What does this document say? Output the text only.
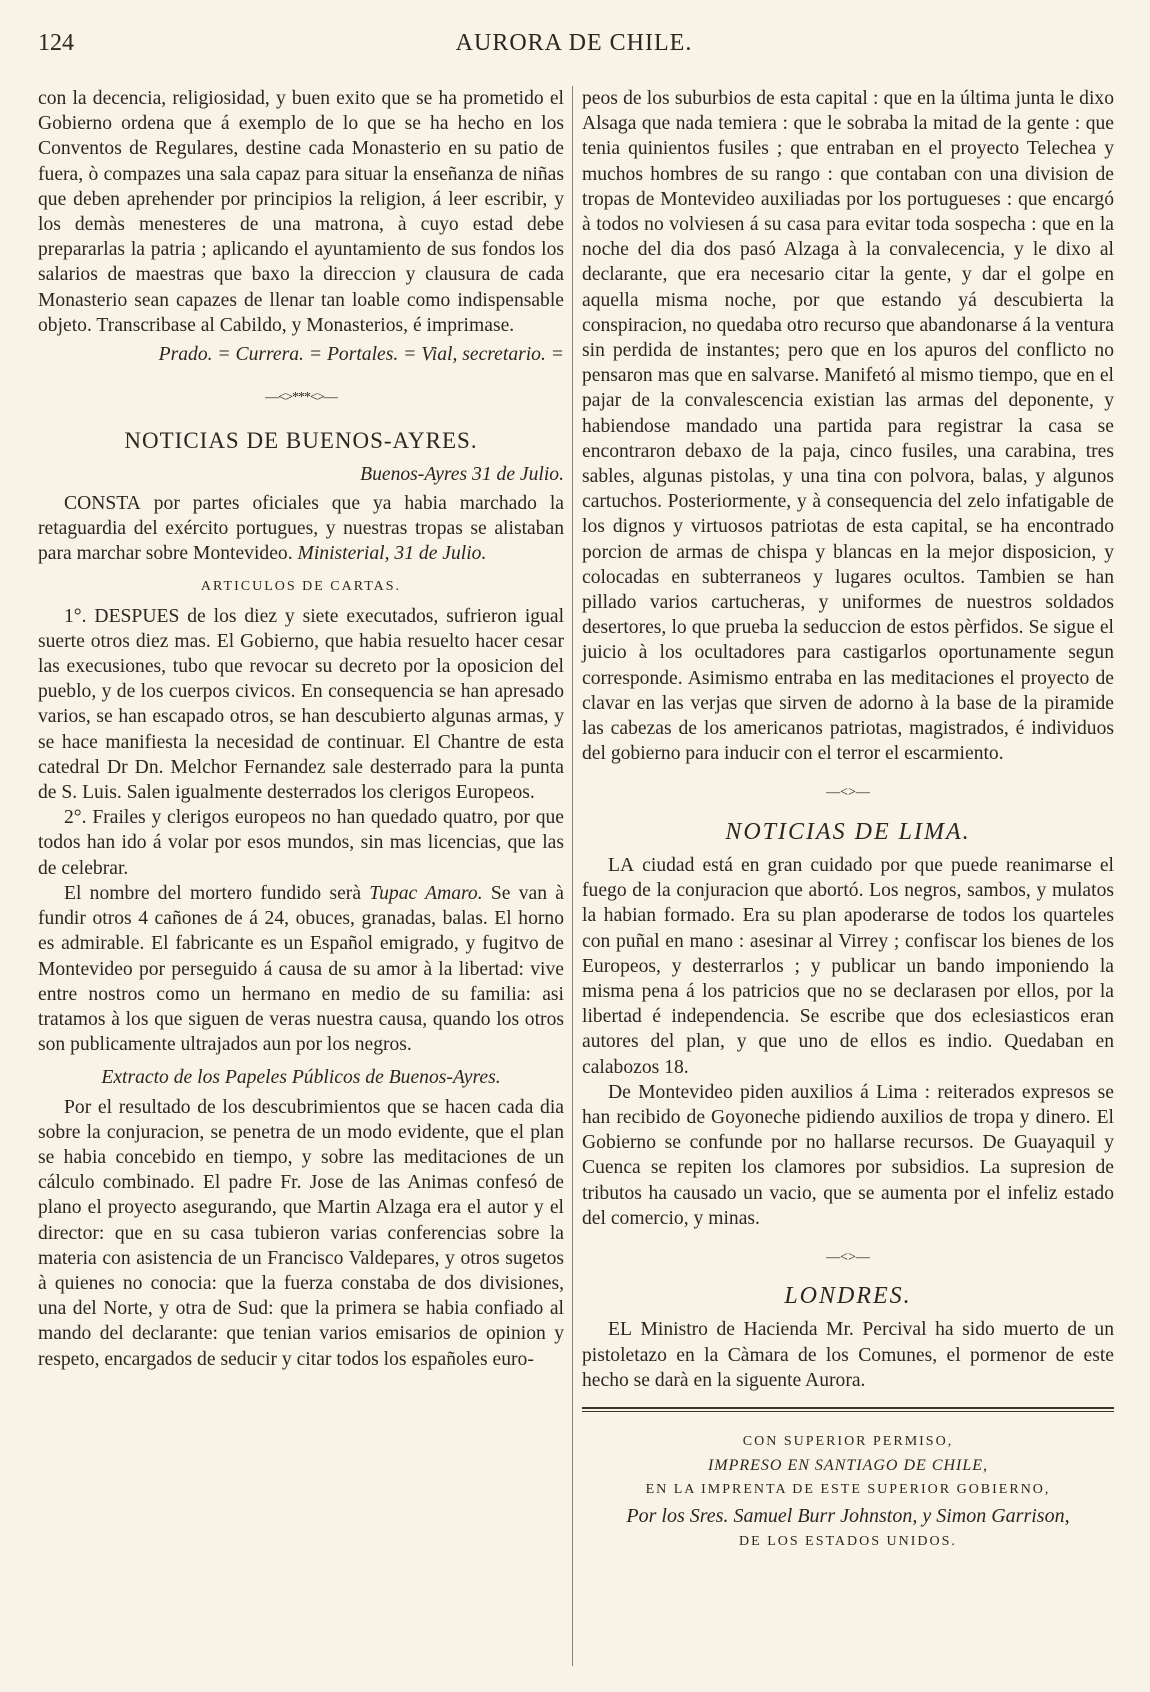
124	AURORA DE CHILE.

con la decencia, religiosidad, y buen exito que se ha prometido el Gobierno ordena que á exemplo de lo que se ha hecho en los Conventos de Regulares, destine cada Monasterio en su patio de fuera, ò compazes una sala capaz para situar la enseñanza de niñas que deben aprehender por principios la religion, á leer escribir, y los demàs menesteres de una matrona, à cuyo estad debe prepararlas la patria ; aplicando el ayuntamiento de sus fondos los salarios de maestras que baxo la direccion y clausura de cada Monasterio sean capazes de llenar tan loable como indispensable objeto. Transcribase al Cabildo, y Monasterios, é imprimase.

Prado. = Currera. = Portales. = Vial, secretario. =

—<>***<>—
NOTICIAS DE BUENOS-AYRES.
Buenos-Ayres 31 de Julio.

CONSTA por partes oficiales que ya habia marchado la retaguardia del exército portugues, y nuestras tropas se alistaban para marchar sobre Montevideo. Ministerial, 31 de Julio.

ARTICULOS DE CARTAS.

1°. DESPUES de los diez y siete executados, sufrieron igual suerte otros diez mas. El Gobierno, que habia resuelto hacer cesar las execusiones, tubo que revocar su decreto por la oposicion del pueblo, y de los cuerpos civicos. En consequencia se han apresado varios, se han escapado otros, se han descubierto algunas armas, y se hace manifiesta la necesidad de continuar. El Chantre de esta catedral Dr Dn. Melchor Fernandez sale desterrado para la punta de S. Luis. Salen igualmente desterrados los clerigos Europeos.

2°. Frailes y clerigos europeos no han quedado quatro, por que todos han ido á volar por esos mundos, sin mas licencias, que las de celebrar.

El nombre del mortero fundido serà Tupac Amaro. Se van à fundir otros 4 cañones de á 24, obuces, granadas, balas. El horno es admirable. El fabricante es un Español emigrado, y fugitvo de Montevideo por perseguido á causa de su amor à la libertad: vive entre nostros como un hermano en medio de su familia: asi tratamos à los que siguen de veras nuestra causa, quando los otros son publicamente ultrajados aun por los negros.

Extracto de los Papeles Públicos de Buenos-Ayres.

Por el resultado de los descubrimientos que se hacen cada dia sobre la conjuracion, se penetra de un modo evidente, que el plan se habia concebido en tiempo, y sobre las meditaciones de un cálculo combinado. El padre Fr. Jose de las Animas confesó de plano el proyecto asegurando, que Martin Alzaga era el autor y el director: que en su casa tubieron varias conferencias sobre la materia con asistencia de un Francisco Valdepares, y otros sugetos à quienes no conocia: que la fuerza constaba de dos divisiones, una del Norte, y otra de Sud: que la primera se habia confiado al mando del declarante: que tenian varios emisarios de opinion y respeto, encargados de seducir y citar todos los españoles euro-

peos de los suburbios de esta capital : que en la última junta le dixo Alsaga que nada temiera : que le sobraba la mitad de la gente : que tenia quinientos fusiles ; que entraban en el proyecto Telechea y muchos hombres de su rango : que contaban con una division de tropas de Montevideo auxiliadas por los portugueses : que encargó à todos no volviesen á su casa para evitar toda sospecha : que en la noche del dia dos pasó Alzaga à la convalecencia, y le dixo al declarante, que era necesario citar la gente, y dar el golpe en aquella misma noche, por que estando yá descubierta la conspiracion, no quedaba otro recurso que abandonarse á la ventura sin perdida de instantes; pero que en los apuros del conflicto no pensaron mas que en salvarse. Manifetó al mismo tiempo, que en el pajar de la convalescencia existian las armas del deponente, y habiendose mandado una partida para registrar la casa se encontraron debaxo de la paja, cinco fusiles, una carabina, tres sables, algunas pistolas, y una tina con polvora, balas, y algunos cartuchos. Posteriormente, y à consequencia del zelo infatigable de los dignos y virtuosos patriotas de esta capital, se ha encontrado porcion de armas de chispa y blancas en la mejor disposicion, y colocadas en subterraneos y lugares ocultos. Tambien se han pillado varios cartucheras, y uniformes de nuestros soldados desertores, lo que prueba la seduccion de estos pèrfidos. Se sigue el juicio à los ocultadores para castigarlos oportunamente segun corresponde. Asimismo entraba en las meditaciones el proyecto de clavar en las verjas que sirven de adorno à la base de la piramide las cabezas de los americanos patriotas, magistrados, é individuos del gobierno para inducir con el terror el escarmiento.

—<>—
NOTICIAS DE LIMA.

LA ciudad está en gran cuidado por que puede reanimarse el fuego de la conjuracion que abortó. Los negros, sambos, y mulatos la habian formado. Era su plan apoderarse de todos los quarteles con puñal en mano : asesinar al Virrey ; confiscar los bienes de los Europeos, y desterrarlos ; y publicar un bando imponiendo la misma pena á los patricios que no se declarasen por ellos, por la libertad é independencia. Se escribe que dos eclesiasticos eran autores del plan, y que uno de ellos es indio. Quedaban en calabozos 18.

De Montevideo piden auxilios á Lima : reiterados expresos se han recibido de Goyoneche pidiendo auxilios de tropa y dinero. El Gobierno se confunde por no hallarse recursos. De Guayaquil y Cuenca se repiten los clamores por subsidios. La supresion de tributos ha causado un vacio, que se aumenta por el infeliz estado del comercio, y minas.

—<>—
LONDRES.

EL Ministro de Hacienda Mr. Percival ha sido muerto de un pistoletazo en la Càmara de los Comunes, el pormenor de este hecho se darà en la siguente Aurora.

CON SUPERIOR PERMISO,
IMPRESO EN SANTIAGO DE CHILE,
EN LA IMPRENTA DE ESTE SUPERIOR GOBIERNO,
Por los Sres. Samuel Burr Johnston, y Simon Garrison,
DE LOS ESTADOS UNIDOS.
